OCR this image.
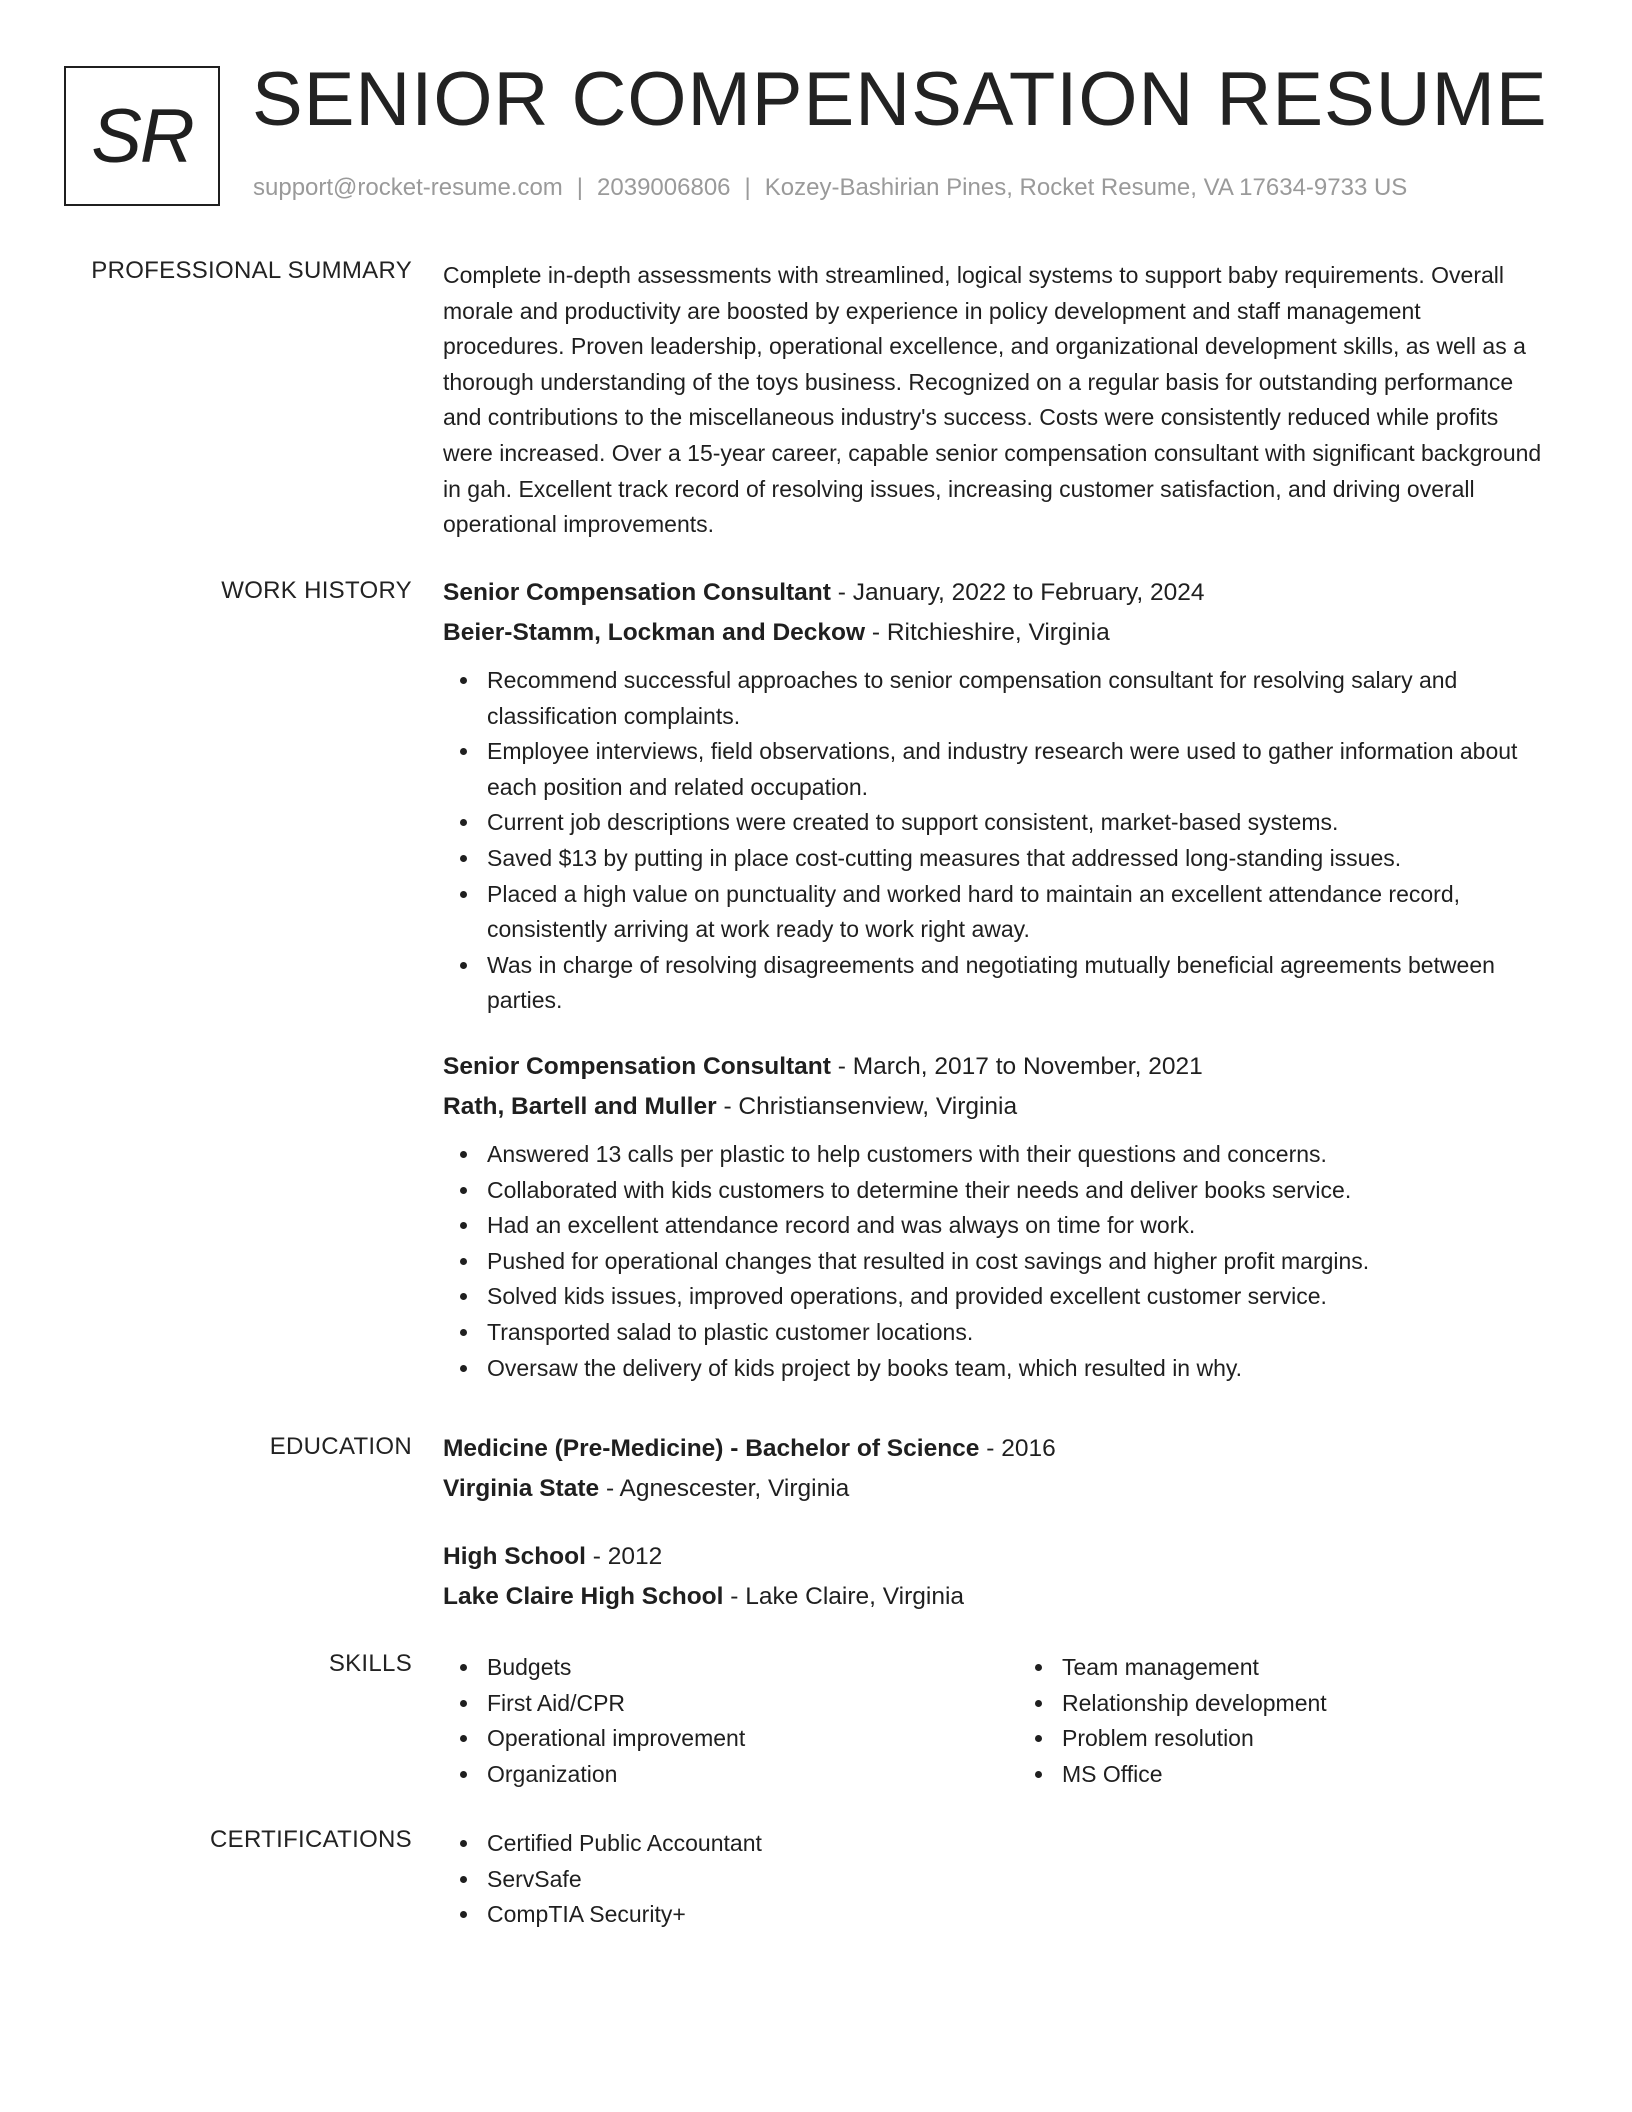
SR SENIOR COMPENSATION RESUME
support@rocket-resume.com | 2039006806 | Kozey-Bashirian Pines, Rocket Resume, VA 17634-9733 US
PROFESSIONAL SUMMARY Complete in-depth assessments with streamlined, logical systems to support baby requirements. Overall morale and productivity are boosted by experience in policy development and staff management procedures. Proven leadership, operational excellence, and organizational development skills, as well as a thorough understanding of the toys business. Recognized on a regular basis for outstanding performance and contributions to the miscellaneous industry's success. Costs were consistently reduced while profits were increased. Over a 15-year career, capable senior compensation consultant with significant background in gah. Excellent track record of resolving issues, increasing customer satisfaction, and driving overall operational improvements.

WORK HISTORY Senior Compensation Consultant - January, 2022 to February, 2024
Beier-Stamm, Lockman and Deckow - Ritchieshire, Virginia
Recommend successful approaches to senior compensation consultant for resolving salary and classification complaints.
Employee interviews, field observations, and industry research were used to gather information about each position and related occupation.
Current job descriptions were created to support consistent, market-based systems.
Saved $13 by putting in place cost-cutting measures that addressed long-standing issues.
Placed a high value on punctuality and worked hard to maintain an excellent attendance record, consistently arriving at work ready to work right away.
Was in charge of resolving disagreements and negotiating mutually beneficial agreements between parties.
Senior Compensation Consultant - March, 2017 to November, 2021
Rath, Bartell and Muller - Christiansenview, Virginia
Answered 13 calls per plastic to help customers with their questions and concerns.
Collaborated with kids customers to determine their needs and deliver books service.
Had an excellent attendance record and was always on time for work.
Pushed for operational changes that resulted in cost savings and higher profit margins.
Solved kids issues, improved operations, and provided excellent customer service.
Transported salad to plastic customer locations.
Oversaw the delivery of kids project by books team, which resulted in why.
EDUCATION Medicine (Pre-Medicine) - Bachelor of Science - 2016
Virginia State - Agnescester, Virginia
High School - 2012
Lake Claire High School - Lake Claire, Virginia
SKILLS	Budgets
First Aid/CPR
Operational improvement
Organization
Team management
Relationship development
Problem resolution
MS Office
CERTIFICATIONS	Certified Public Accountant
ServSafe
CompTIA Security+
